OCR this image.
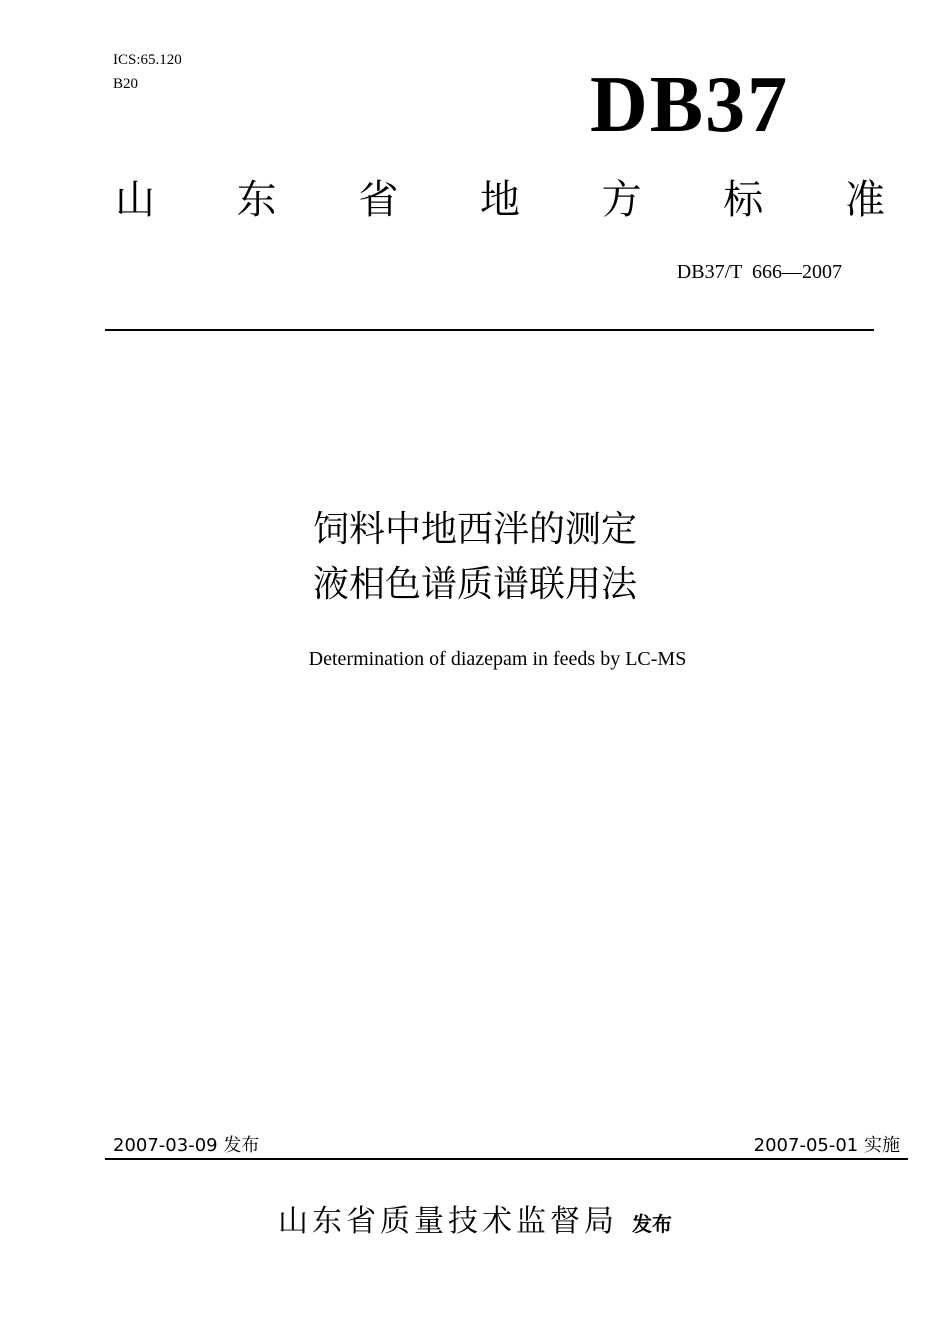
ICS:65.120
B20	DB37
山 东 省 地 方 标 准
DB37/T  666—2007
饲料中地西泮的测定
液相色谱质谱联用法
Determination of diazepam in feeds by LC-MS
2007-03-09 发布	2007-05-01 实施
山东省质量技术监督局 发布
